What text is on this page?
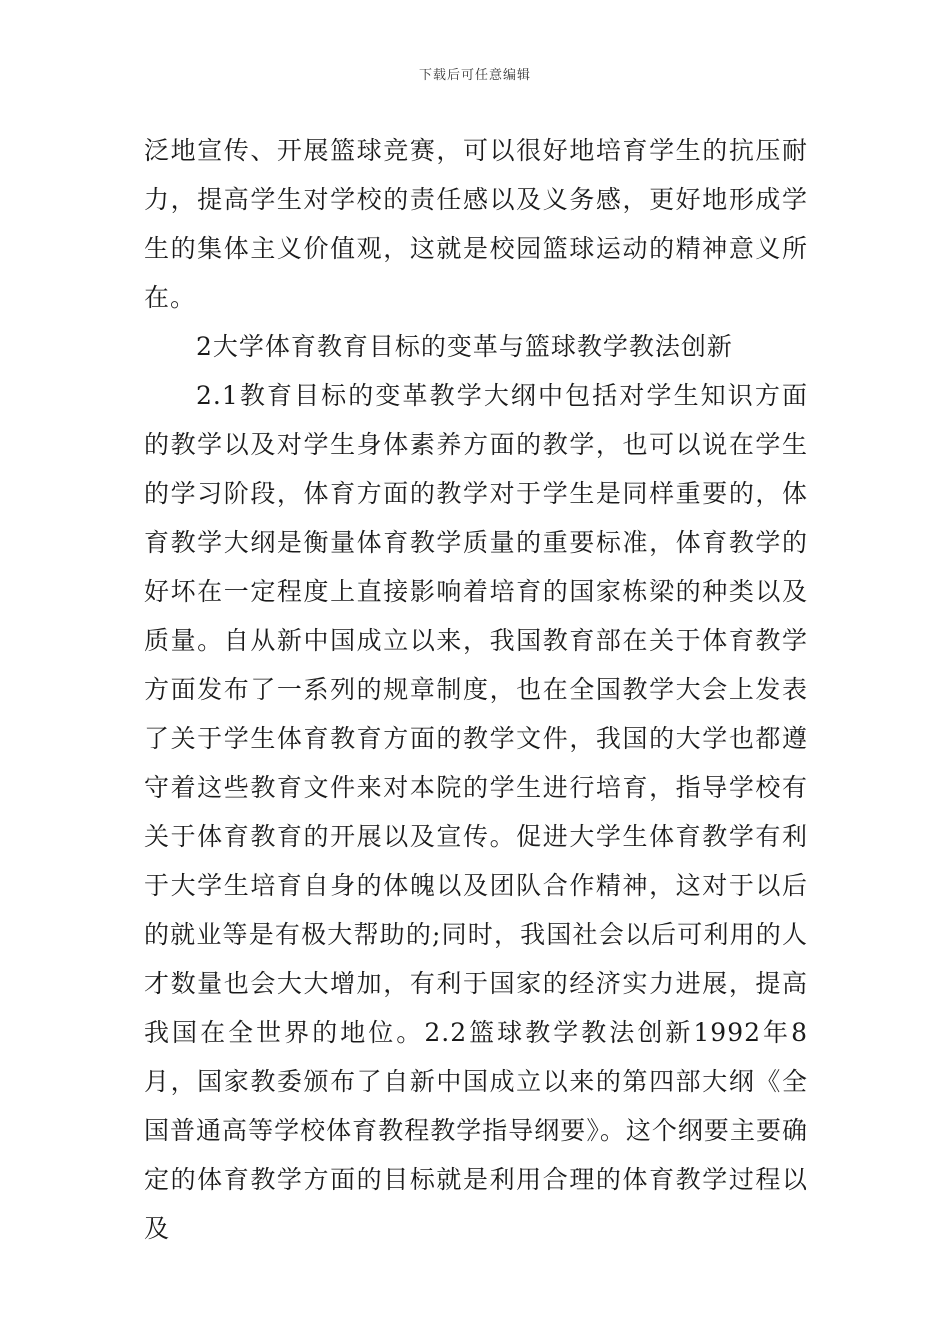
下载后可任意编辑

泛地宣传、开展篮球竞赛，可以很好地培育学生的抗压耐力，提高学生对学校的责任感以及义务感，更好地形成学生的集体主义价值观，这就是校园篮球运动的精神意义所在。

2大学体育教育目标的变革与篮球教学教法创新

2.1教育目标的变革教学大纲中包括对学生知识方面的教学以及对学生身体素养方面的教学，也可以说在学生的学习阶段，体育方面的教学对于学生是同样重要的，体育教学大纲是衡量体育教学质量的重要标准，体育教学的好坏在一定程度上直接影响着培育的国家栋梁的种类以及质量。自从新中国成立以来，我国教育部在关于体育教学方面发布了一系列的规章制度，也在全国教学大会上发表了关于学生体育教育方面的教学文件，我国的大学也都遵守着这些教育文件来对本院的学生进行培育，指导学校有关于体育教育的开展以及宣传。促进大学生体育教学有利于大学生培育自身的体魄以及团队合作精神，这对于以后的就业等是有极大帮助的;同时，我国社会以后可利用的人才数量也会大大增加，有利于国家的经济实力进展，提高我国在全世界的地位。2.2篮球教学教法创新1992年8月，国家教委颁布了自新中国成立以来的第四部大纲《全国普通高等学校体育教程教学指导纲要》。这个纲要主要确定的体育教学方面的目标就是利用合理的体育教学过程以及
